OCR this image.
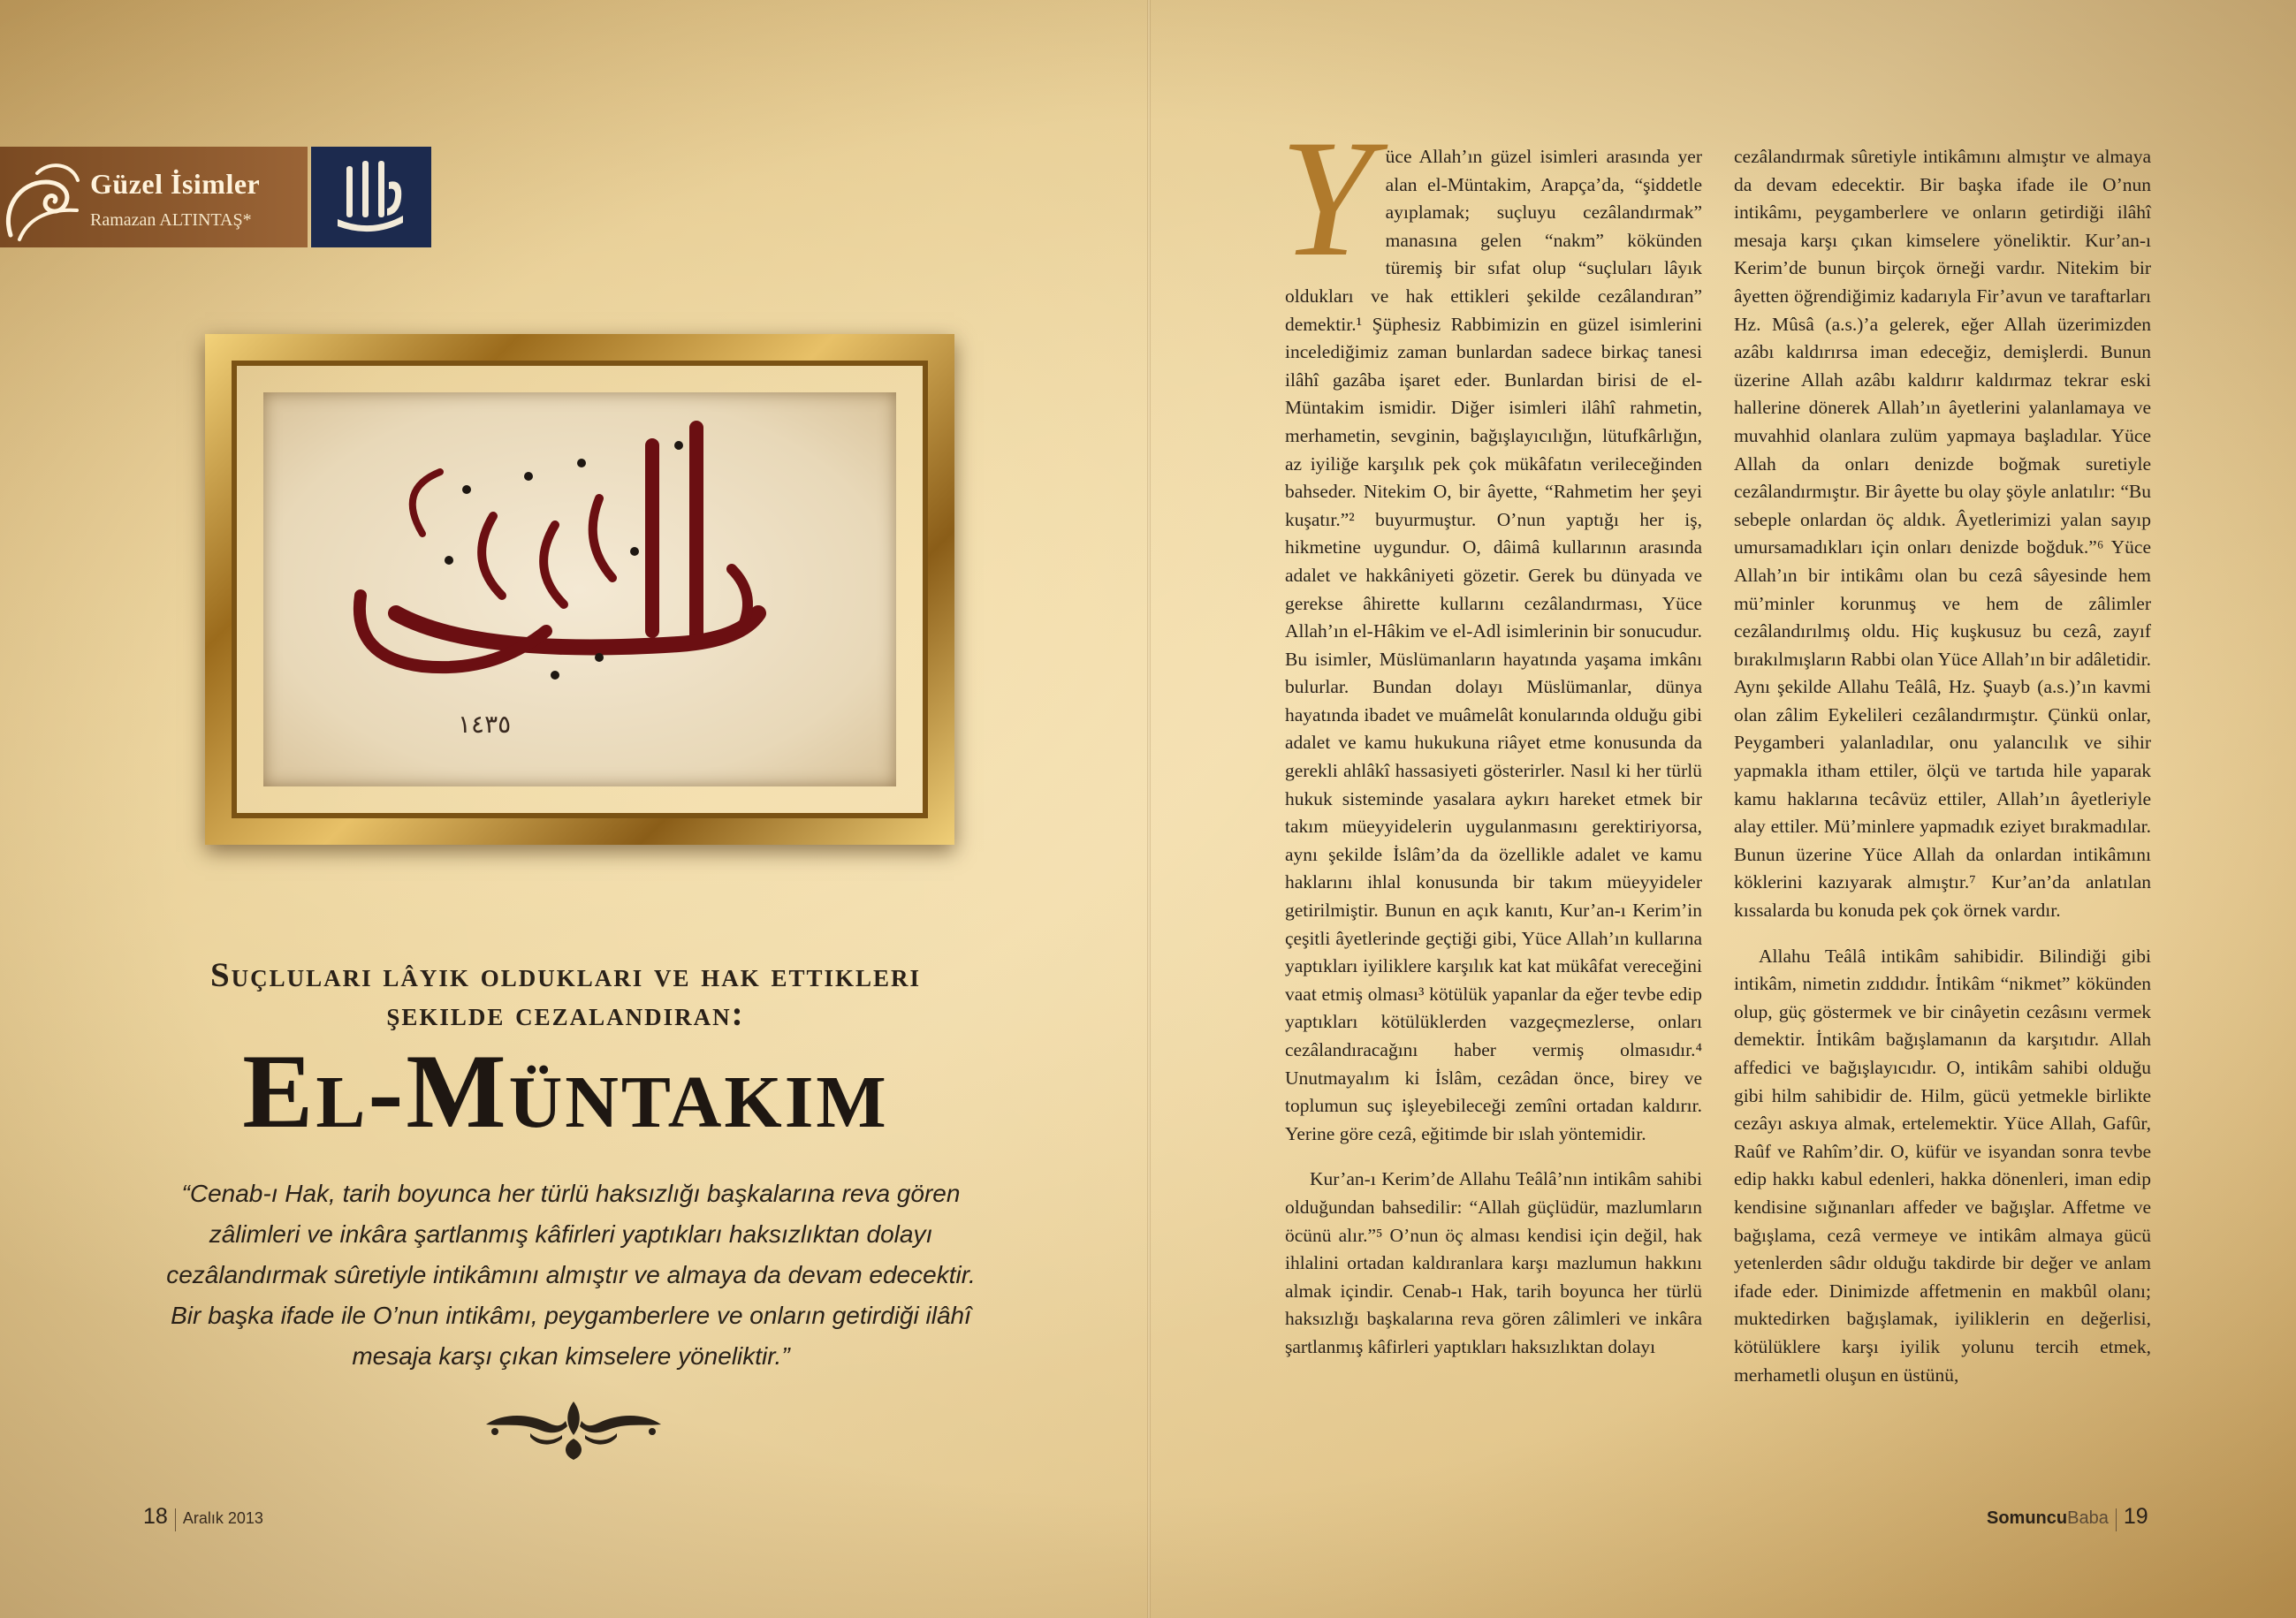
Güzel İsimler
Ramazan ALTINTAŞ*
١٤٣٥
Suçluları lâyık oldukları ve hak ettikleri
şekilde cezalandıran:
El-Müntakim
“Cenab-ı Hak, tarih boyunca her türlü haksızlığı başkalarına reva gören zâlimleri ve inkâra şartlanmış kâfirleri yaptıkları haksızlıktan dolayı cezâlandırmak sûretiyle intikâmını almıştır ve almaya da devam edecektir. Bir başka ifade ile O’nun intikâmı, peygamberlere ve onların getirdiği ilâhî mesaja karşı çıkan kimselere yöneliktir.”
Y üce Allah’ın güzel isimleri arasında yer alan el-Müntakim, Arapça’da, “şiddetle ayıplamak; suçluyu cezâlandırmak” manasına gelen “nakm” kökünden türemiş bir sıfat olup “suçluları lâyık oldukları ve hak ettikleri şekilde cezâlandıran” demektir.¹ Şüphesiz Rabbimizin en güzel isimlerini incelediğimiz zaman bunlardan sadece birkaç tanesi ilâhî gazâba işaret eder. Bunlardan birisi de el-Müntakim ismidir. Diğer isimleri ilâhî rahmetin, merhametin, sevginin, bağışlayıcılığın, lütufkârlığın, az iyiliğe karşılık pek çok mükâfatın verileceğinden bahseder. Nitekim O, bir âyette, “Rahmetim her şeyi kuşatır.”² buyurmuştur. O’nun yaptığı her iş, hikmetine uygundur. O, dâimâ kullarının arasında adalet ve hakkâniyeti gözetir. Gerek bu dünyada ve gerekse âhirette kullarını cezâlandırması, Yüce Allah’ın el-Hâkim ve el-Adl isimlerinin bir sonucudur. Bu isimler, Müslümanların hayatında yaşama imkânı bulurlar. Bundan dolayı Müslümanlar, dünya hayatında ibadet ve muâmelât konularında olduğu gibi adalet ve kamu hukukuna riâyet etme konusunda da gerekli ahlâkî hassasiyeti gösterirler. Nasıl ki her türlü hukuk sisteminde yasalara aykırı hareket etmek bir takım müeyyidelerin uygulanmasını gerektiriyorsa, aynı şekilde İslâm’da da özellikle adalet ve kamu haklarını ihlal konusunda bir takım müeyyideler getirilmiştir. Bunun en açık kanıtı, Kur’an-ı Kerim’in çeşitli âyetlerinde geçtiği gibi, Yüce Allah’ın kullarına yaptıkları iyiliklere karşılık kat kat mükâfat vereceğini vaat etmiş olması³ kötülük yapanlar da eğer tevbe edip yaptıkları kötülüklerden vazgeçmezlerse, onları cezâlandıracağını haber vermiş olmasıdır.⁴ Unutmayalım ki İslâm, cezâdan önce, birey ve toplumun suç işleyebileceği zemîni ortadan kaldırır. Yerine göre cezâ, eğitimde bir ıslah yöntemidir.

Kur’an-ı Kerim’de Allahu Teâlâ’nın intikâm sahibi olduğundan bahsedilir: “Allah güçlüdür, mazlumların öcünü alır.”⁵ O’nun öç alması kendisi için değil, hak ihlalini ortadan kaldıranlara karşı mazlumun hakkını almak içindir. Cenab-ı Hak, tarih boyunca her türlü haksızlığı başkalarına reva gören zâlimleri ve inkâra şartlanmış kâfirleri yaptıkları haksızlıktan dolayı

cezâlandırmak sûretiyle intikâmını almıştır ve almaya da devam edecektir. Bir başka ifade ile O’nun intikâmı, peygamberlere ve onların getirdiği ilâhî mesaja karşı çıkan kimselere yöneliktir. Kur’an-ı Kerim’de bunun birçok örneği vardır. Nitekim bir âyetten öğrendiğimiz kadarıyla Fir’avun ve taraftarları Hz. Mûsâ (a.s.)’a gelerek, eğer Allah üzerimizden azâbı kaldırırsa iman edeceğiz, demişlerdi. Bunun üzerine Allah azâbı kaldırır kaldırmaz tekrar eski hallerine dönerek Allah’ın âyetlerini yalanlamaya ve muvahhid olanlara zulüm yapmaya başladılar. Yüce Allah da onları denizde boğmak suretiyle cezâlandırmıştır. Bir âyette bu olay şöyle anlatılır: “Bu sebeple onlardan öç aldık. Âyetlerimizi yalan sayıp umursamadıkları için onları denizde boğduk.”⁶ Yüce Allah’ın bir intikâmı olan bu cezâ sâyesinde hem mü’minler korunmuş ve hem de zâlimler cezâlandırılmış oldu. Hiç kuşkusuz bu cezâ, zayıf bırakılmışların Rabbi olan Yüce Allah’ın bir adâletidir. Aynı şekilde Allahu Teâlâ, Hz. Şuayb (a.s.)’ın kavmi olan zâlim Eykelileri cezâlandırmıştır. Çünkü onlar, Peygamberi yalanladılar, onu yalancılık ve sihir yapmakla itham ettiler, ölçü ve tartıda hile yaparak kamu haklarına tecâvüz ettiler, Allah’ın âyetleriyle alay ettiler. Mü’minlere yapmadık eziyet bırakmadılar. Bunun üzerine Yüce Allah da onlardan intikâmını köklerini kazıyarak almıştır.⁷ Kur’an’da anlatılan kıssalarda bu konuda pek çok örnek vardır.

Allahu Teâlâ intikâm sahibidir. Bilindiği gibi intikâm, nimetin zıddıdır. İntikâm “nikmet” kökünden olup, güç göstermek ve bir cinâyetin cezâsını vermek demektir. İntikâm bağışlamanın da karşıtıdır. Allah affedici ve bağışlayıcıdır. O, intikâm sahibi olduğu gibi hilm sahibidir de. Hilm, gücü yetmekle birlikte cezâyı askıya almak, ertelemektir. Yüce Allah, Gafûr, Raûf ve Rahîm’dir. O, küfür ve isyandan sonra tevbe edip hakkı kabul edenleri, hakka dönenleri, iman edip kendisine sığınanları affeder ve bağışlar. Affetme ve bağışlama, cezâ vermeye ve intikâm almaya gücü yetenlerden sâdır olduğu takdirde bir değer ve anlam ifade eder. Dinimizde affetmenin en makbûl olanı; muktedirken bağışlamak, iyiliklerin en değerlisi, kötülüklere karşı iyilik yolunu tercih etmek, merhametli oluşun en üstünü,

18 Aralık 2013	SomuncuBaba 19
